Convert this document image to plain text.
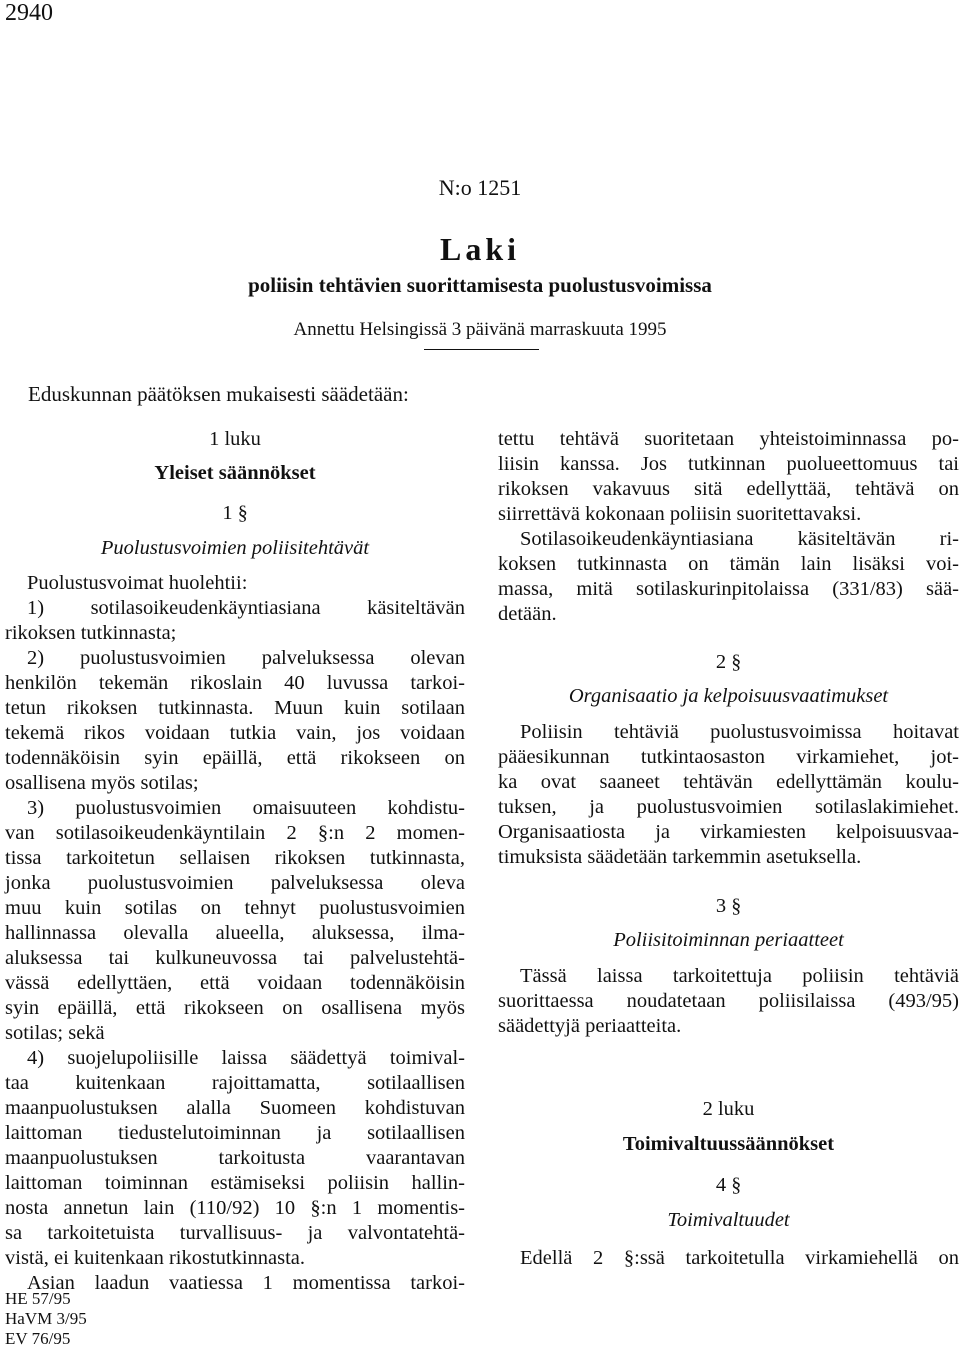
2940
N:o 1251
Laki
poliisin tehtävien suorittamisesta puolustusvoimissa
Annettu Helsingissä 3 päivänä marraskuuta 1995
Eduskunnan päätöksen mukaisesti säädetään:
1 luku
Yleiset säännökset
1 §
Puolustusvoimien poliisitehtävät
Puolustusvoimat huolehtii:
1) sotilasoikeudenkäyntiasiana käsiteltävän
rikoksen tutkinnasta;
2) puolustusvoimien palveluksessa olevan
henkilön tekemän rikoslain 40 luvussa tarkoi-
tetun rikoksen tutkinnasta. Muun kuin sotilaan
tekemä rikos voidaan tutkia vain, jos voidaan
todennäköisin syin epäillä, että rikokseen on
osallisena myös sotilas;
3) puolustusvoimien omaisuuteen kohdistu-
van sotilasoikeudenkäyntilain 2 §:n 2 momen-
tissa tarkoitetun sellaisen rikoksen tutkinnasta,
jonka puolustusvoimien palveluksessa oleva
muu kuin sotilas on tehnyt puolustusvoimien
hallinnassa olevalla alueella, aluksessa, ilma-
aluksessa tai kulkuneuvossa tai palvelustehtä-
vässä edellyttäen, että voidaan todennäköisin
syin epäillä, että rikokseen on osallisena myös
sotilas; sekä
4) suojelupoliisille laissa säädettyä toimival-
taa kuitenkaan rajoittamatta, sotilaallisen
maanpuolustuksen alalla Suomeen kohdistuvan
laittoman tiedustelutoiminnan ja sotilaallisen
maanpuolustuksen tarkoitusta vaarantavan
laittoman toiminnan estämiseksi poliisin hallin-
nosta annetun lain (110/92) 10 §:n 1 momentis-
sa tarkoitetuista turvallisuus- ja valvontatehtä-
vistä, ei kuitenkaan rikostutkinnasta.
Asian laadun vaatiessa 1 momentissa tarkoi-
HE 57/95
HaVM 3/95
EV 76/95
tettu tehtävä suoritetaan yhteistoiminnassa po-
liisin kanssa. Jos tutkinnan puolueettomuus tai
rikoksen vakavuus sitä edellyttää, tehtävä on
siirrettävä kokonaan poliisin suoritettavaksi.
Sotilasoikeudenkäyntiasiana käsiteltävän ri-
koksen tutkinnasta on tämän lain lisäksi voi-
massa, mitä sotilaskurinpitolaissa (331/83) sää-
detään.
2 §
Organisaatio ja kelpoisuusvaatimukset
Poliisin tehtäviä puolustusvoimissa hoitavat
pääesikunnan tutkintaosaston virkamiehet, jot-
ka ovat saaneet tehtävän edellyttämän koulu-
tuksen, ja puolustusvoimien sotilaslakimiehet.
Organisaatiosta ja virkamiesten kelpoisuusvaa-
timuksista säädetään tarkemmin asetuksella.
3 §
Poliisitoiminnan periaatteet
Tässä laissa tarkoitettuja poliisin tehtäviä
suorittaessa noudatetaan poliisilaissa (493/95)
säädettyjä periaatteita.
2 luku
Toimivaltuussäännökset
4 §
Toimivaltuudet
Edellä 2 §:ssä tarkoitetulla virkamiehellä on
